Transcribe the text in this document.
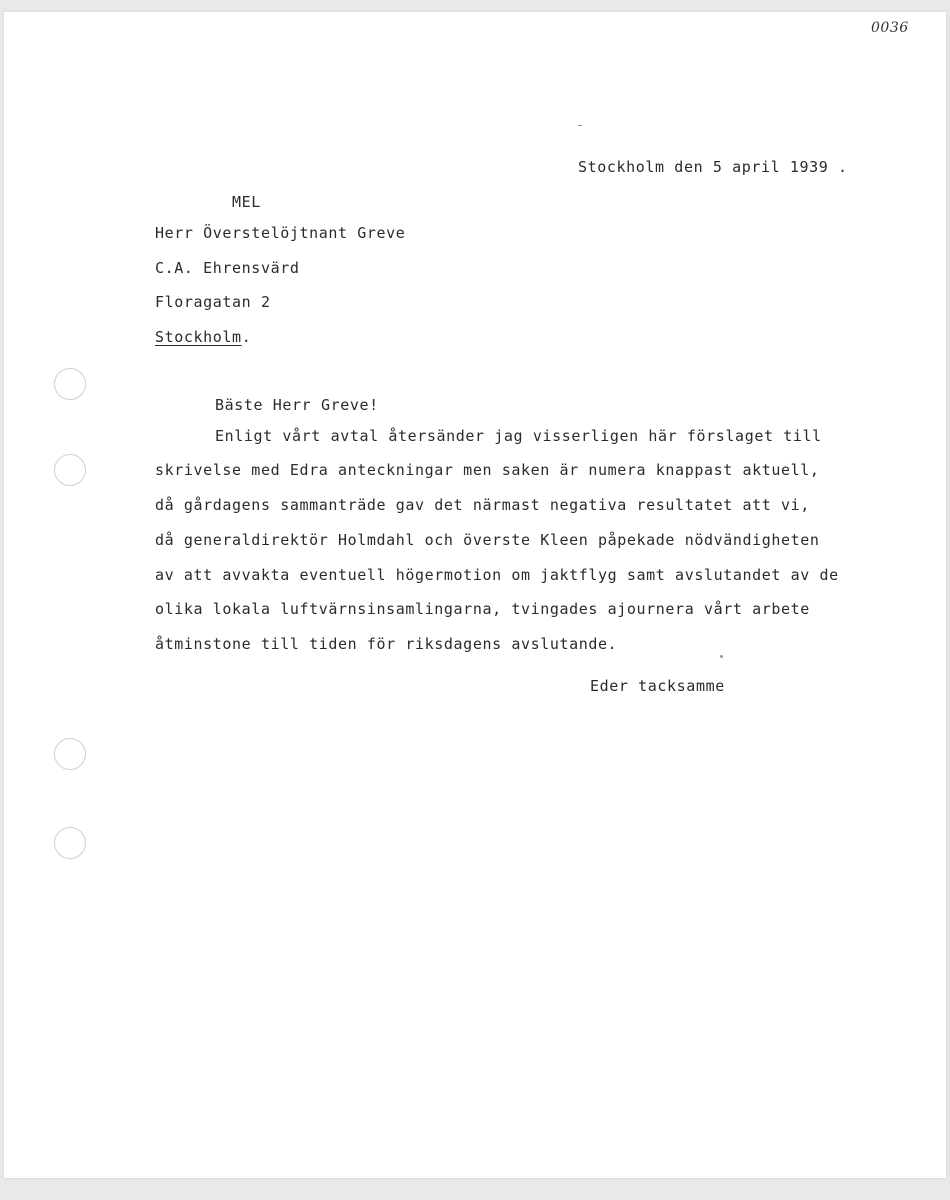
0036
Stockholm den 5 april 1939 .
MEL
Herr Överstelöjtnant Greve
C.A. Ehrensvärd
Floragatan 2
Stockholm.
Bäste Herr Greve!
Enligt vårt avtal återsänder jag visserligen här förslaget till
skrivelse med Edra anteckningar men saken är numera knappast aktuell,
då gårdagens sammanträde gav det närmast negativa resultatet att vi,
då generaldirektör Holmdahl och överste Kleen påpekade nödvändigheten
av att avvakta eventuell högermotion om jaktflyg samt avslutandet av de
olika lokala luftvärnsinsamlingarna, tvingades ajournera vårt arbete
åtminstone till tiden för riksdagens avslutande.
Eder tacksamme
